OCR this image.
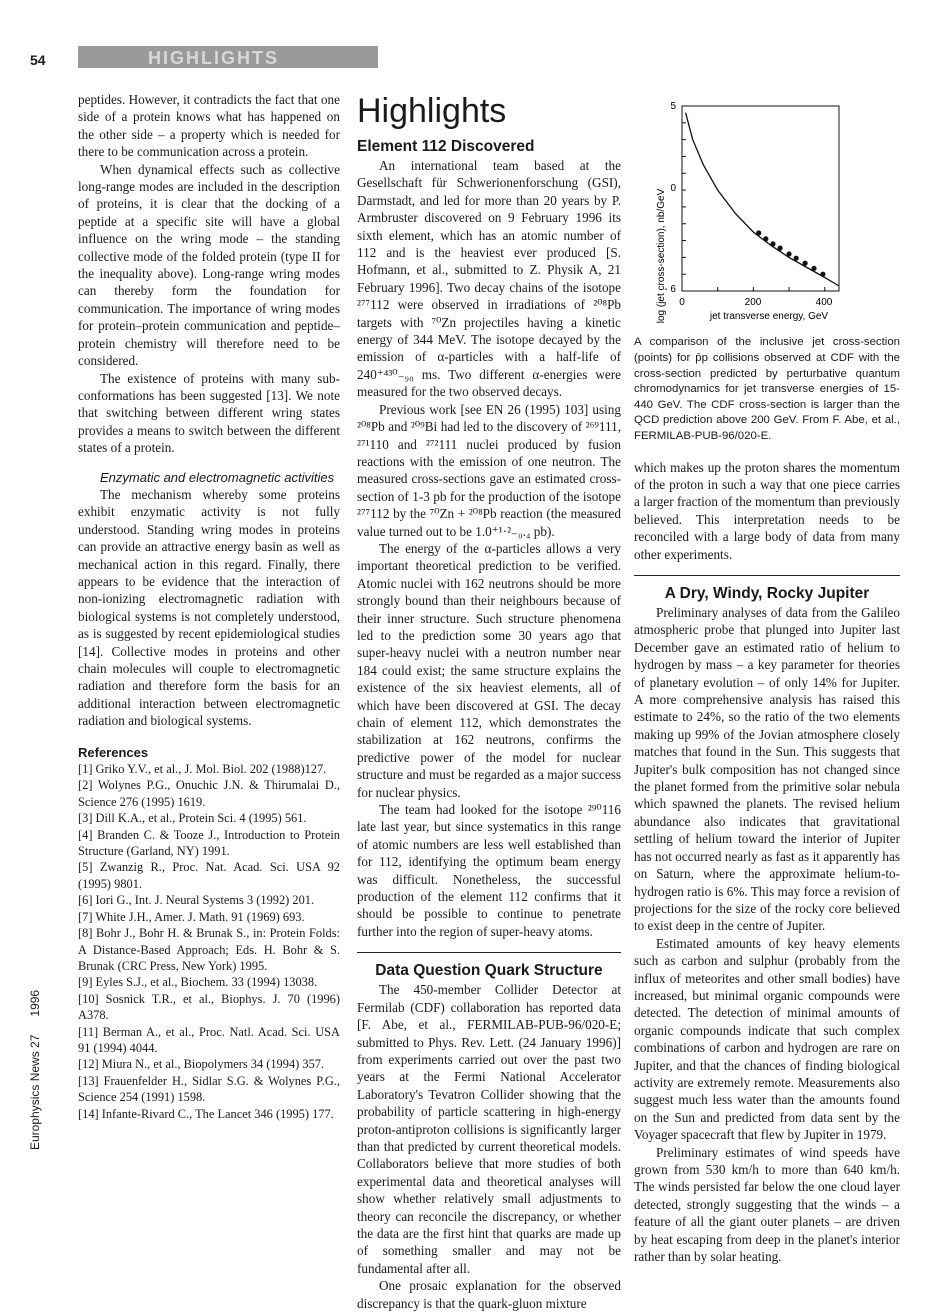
54	HIGHLIGHTS
Europhysics News 271996

peptides. However, it contradicts the fact that one side of a protein knows what has happened on the other side – a property which is needed for there to be communication across a protein.

When dynamical effects such as collective long-range modes are included in the description of proteins, it is clear that the docking of a peptide at a specific site will have a global influence on the wring mode – the standing collective mode of the folded protein (type II for the inequality above). Long-range wring modes can thereby form the foundation for communication. The importance of wring modes for protein–protein communication and peptide–protein chemistry will therefore need to be considered.

The existence of proteins with many sub-conformations has been suggested [13]. We note that switching between different wring states provides a means to switch between the different states of a protein.

Enzymatic and electromagnetic activities

The mechanism whereby some proteins exhibit enzymatic activity is not fully understood. Standing wring modes in proteins can provide an attractive energy basin as well as mechanical action in this regard. Finally, there appears to be evidence that the interaction of non-ionizing electromagnetic radiation with biological systems is not completely understood, as is suggested by recent epidemiological studies [14]. Collective modes in proteins and other chain molecules will couple to electromagnetic radiation and therefore form the basis for an additional interaction between electromagnetic radiation and biological systems.

References

[1] Griko Y.V., et al., J. Mol. Biol. 202 (1988)127.

[2] Wolynes P.G., Onuchic J.N. & Thirumalai D., Science 276 (1995) 1619.

[3] Dill K.A., et al., Protein Sci. 4 (1995) 561.

[4] Branden C. & Tooze J., Introduction to Protein Structure (Garland, NY) 1991.

[5] Zwanzig R., Proc. Nat. Acad. Sci. USA 92 (1995) 9801.

[6] Iori G., Int. J. Neural Systems 3 (1992) 201.

[7] White J.H., Amer. J. Math. 91 (1969) 693.

[8] Bohr J., Bohr H. & Brunak S., in: Protein Folds: A Distance-Based Approach; Eds. H. Bohr & S. Brunak (CRC Press, New York) 1995.

[9] Eyles S.J., et al., Biochem. 33 (1994) 13038.

[10] Sosnick T.R., et al., Biophys. J. 70 (1996) A378.

[11] Berman A., et al., Proc. Natl. Acad. Sci. USA 91 (1994) 4044.

[12] Miura N., et al., Biopolymers 34 (1994) 357.

[13] Frauenfelder H., Sidlar S.G. & Wolynes P.G., Science 254 (1991) 1598.

[14] Infante-Rivard C., The Lancet 346 (1995) 177.

Highlights
Element 112 Discovered

An international team based at the Gesellschaft für Schwerionenforschung (GSI), Darmstadt, and led for more than 20 years by P. Armbruster discovered on 9 February 1996 its sixth element, which has an atomic number of 112 and is the heaviest ever produced [S. Hofmann, et al., submitted to Z. Physik A, 21 February 1996]. Two decay chains of the isotope ²⁷⁷112 were observed in irradiations of ²⁰⁸Pb targets with ⁷⁰Zn projectiles having a kinetic energy of 344 MeV. The isotope decayed by the emission of α-particles with a half-life of 240⁺⁴³⁰₋₉₀ ms. Two different α-energies were measured for the two observed decays.

Previous work [see EN 26 (1995) 103] using ²⁰⁸Pb and ²⁰⁹Bi had led to the discovery of ²⁶⁹111, ²⁷¹110 and ²⁷²111 nuclei produced by fusion reactions with the emission of one neutron. The measured cross-sections gave an estimated cross-section of 1-3 pb for the production of the isotope ²⁷⁷112 by the ⁷⁰Zn + ²⁰⁸Pb reaction (the measured value turned out to be 1.0⁺¹·²₋₀.₄ pb).

The energy of the α-particles allows a very important theoretical prediction to be verified. Atomic nuclei with 162 neutrons should be more strongly bound than their neighbours because of their inner structure. Such structure phenomena led to the prediction some 30 years ago that super-heavy nuclei with a neutron number near 184 could exist; the same structure explains the existence of the six heaviest elements, all of which have been discovered at GSI. The decay chain of element 112, which demonstrates the stabilization at 162 neutrons, confirms the predictive power of the model for nuclear structure and must be regarded as a major success for nuclear physics.

The team had looked for the isotope ²⁹⁰116 late last year, but since systematics in this range of atomic numbers are less well established than for 112, identifying the optimum beam energy was difficult. Nonetheless, the successful production of the element 112 confirms that it should be possible to continue to penetrate further into the region of super-heavy atoms.

Data Question Quark Structure

The 450-member Collider Detector at Fermilab (CDF) collaboration has reported data [F. Abe, et al., FERMILAB-PUB-96/020-E; submitted to Phys. Rev. Lett. (24 January 1996)] from experiments carried out over the past two years at the Fermi National Accelerator Laboratory's Tevatron Collider showing that the probability of particle scattering in high-energy proton-antiproton collisions is significantly larger than that predicted by current theoretical models. Collaborators believe that more studies of both experimental data and theoretical analyses will show whether relatively small adjustments to theory can reconcile the discrepancy, or whether the data are the first hint that quarks are made up of something smaller and may not be fundamental after all.

One prosaic explanation for the observed discrepancy is that the quark-gluon mixture

log (jet cross-section), nb/GeV	jet transverse energy, GeV
0	200	400
5
0
- 6

A comparison of the inclusive jet cross-section (points) for p̄p collisions observed at CDF with the cross-section predicted by perturbative quantum chromodynamics for jet transverse energies of 15-440 GeV. The CDF cross-section is larger than the QCD prediction above 200 GeV. From F. Abe, et al., FERMILAB-PUB-96/020-E.

which makes up the proton shares the momentum of the proton in such a way that one piece carries a larger fraction of the momentum than previously believed. This interpretation needs to be reconciled with a large body of data from many other experiments.

A Dry, Windy, Rocky Jupiter

Preliminary analyses of data from the Galileo atmospheric probe that plunged into Jupiter last December gave an estimated ratio of helium to hydrogen by mass – a key parameter for theories of planetary evolution – of only 14% for Jupiter. A more comprehensive analysis has raised this estimate to 24%, so the ratio of the two elements making up 99% of the Jovian atmosphere closely matches that found in the Sun. This suggests that Jupiter's bulk composition has not changed since the planet formed from the primitive solar nebula which spawned the planets. The revised helium abundance also indicates that gravitational settling of helium toward the interior of Jupiter has not occurred nearly as fast as it apparently has on Saturn, where the approximate helium-to-hydrogen ratio is 6%. This may force a revision of projections for the size of the rocky core believed to exist deep in the centre of Jupiter.

Estimated amounts of key heavy elements such as carbon and sulphur (probably from the influx of meteorites and other small bodies) have increased, but minimal organic compounds were detected. The detection of minimal amounts of organic compounds indicate that such complex combinations of carbon and hydrogen are rare on Jupiter, and that the chances of finding biological activity are extremely remote. Measurements also suggest much less water than the amounts found on the Sun and predicted from data sent by the Voyager spacecraft that flew by Jupiter in 1979.

Preliminary estimates of wind speeds have grown from 530 km/h to more than 640 km/h. The winds persisted far below the one cloud layer detected, strongly suggesting that the winds – a feature of all the giant outer planets – are driven by heat escaping from deep in the planet's interior rather than by solar heating.
